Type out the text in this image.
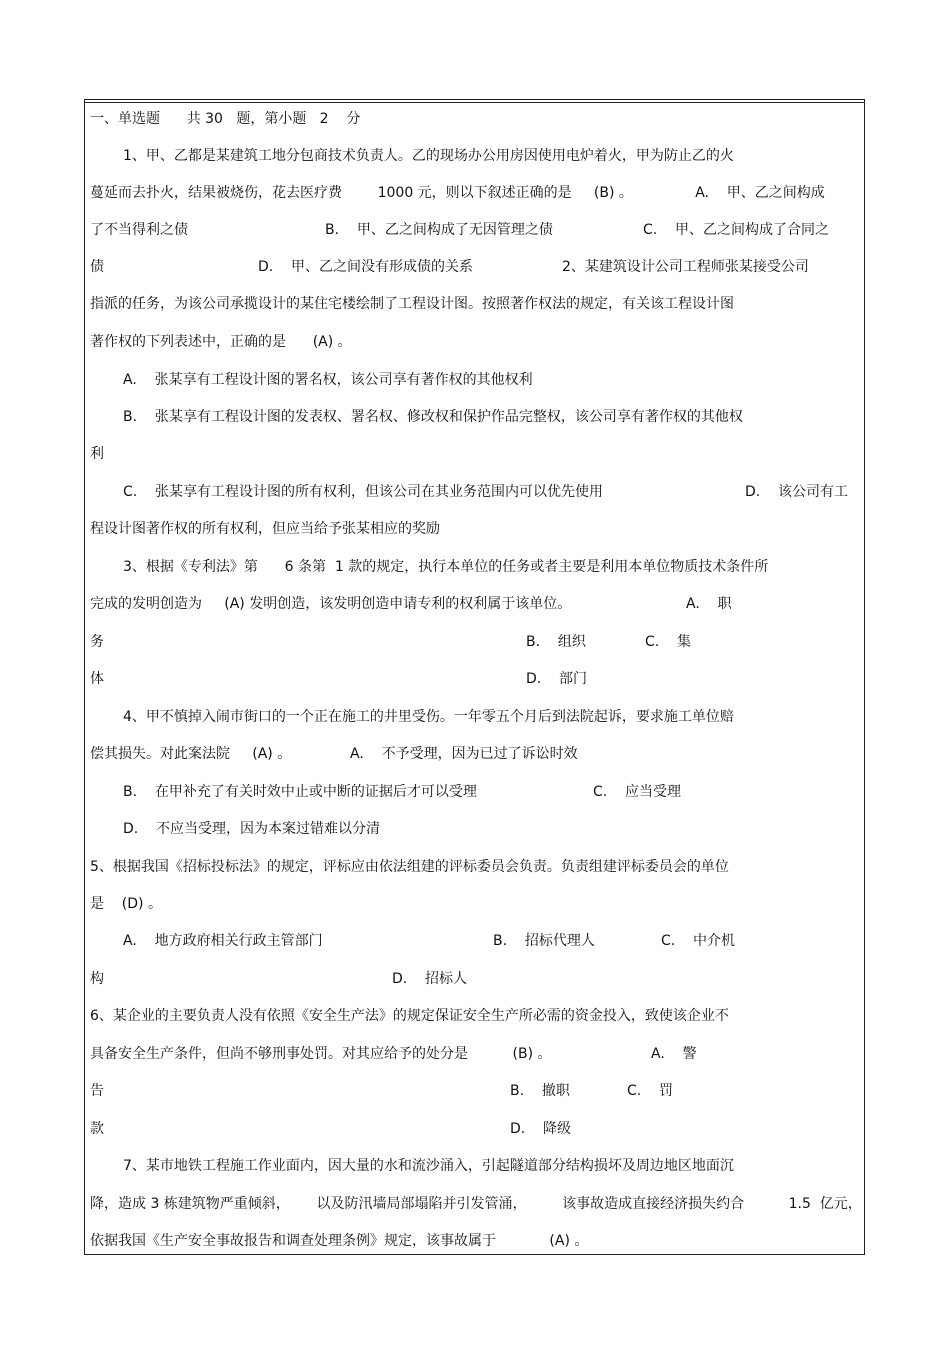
一、单选题      共 30   题，第小题   2    分
1、甲、乙都是某建筑工地分包商技术负责人。乙的现场办公用房因使用电炉着火，甲为防止乙的火
蔓延而去扑火，结果被烧伤，花去医疗费        1000 元，则以下叙述正确的是     (B) 。              A.    甲、乙之间构成
了不当得利之债	B.    甲、乙之间构成了无因管理之债	C.    甲、乙之间构成了合同之
债	D.    甲、乙之间没有形成债的关系	2、某建筑设计公司工程师张某接受公司
指派的任务，为该公司承揽设计的某住宅楼绘制了工程设计图。按照著作权法的规定，有关该工程设计图
著作权的下列表述中，正确的是      (A) 。
A.    张某享有工程设计图的署名权，该公司享有著作权的其他权利
B.    张某享有工程设计图的发表权、署名权、修改权和保护作品完整权，该公司享有著作权的其他权
利
C.    张某享有工程设计图的所有权利，但该公司在其业务范围内可以优先使用	D.    该公司有工
程设计图著作权的所有权利，但应当给予张某相应的奖励
3、根据《专利法》第      6 条第  1 款的规定，执行本单位的任务或者主要是利用本单位物质技术条件所
完成的发明创造为     (A) 发明创造，该发明创造申请专利的权利属于该单位。	A.    职
务	B.    组织	C.    集
体	D.    部门
4、甲不慎掉入闹市街口的一个正在施工的井里受伤。一年零五个月后到法院起诉，要求施工单位赔
偿其损失。对此案法院     (A) 。	A.    不予受理，因为已过了诉讼时效
B.    在甲补充了有关时效中止或中断的证据后才可以受理	C.    应当受理
D.    不应当受理，因为本案过错难以分清
5、根据我国《招标投标法》的规定，评标应由依法组建的评标委员会负责。负责组建评标委员会的单位
是    (D) 。
A.    地方政府相关行政主管部门	B.    招标代理人	C.    中介机
构	D.    招标人
6、某企业的主要负责人没有依照《安全生产法》的规定保证安全生产所必需的资金投入，致使该企业不
具备安全生产条件，但尚不够刑事处罚。对其应给予的处分是          (B) 。	A.    警
告	B.    撤职	C.    罚
款	D.    降级
7、某市地铁工程施工作业面内，因大量的水和流沙涌入，引起隧道部分结构损坏及周边地区地面沉
降，造成 3 栋建筑物严重倾斜，      以及防汛墙局部塌陷并引发管涌，        该事故造成直接经济损失约合          1.5  亿元，
依据我国《生产安全事故报告和调查处理条例》规定，该事故属于            (A) 。
